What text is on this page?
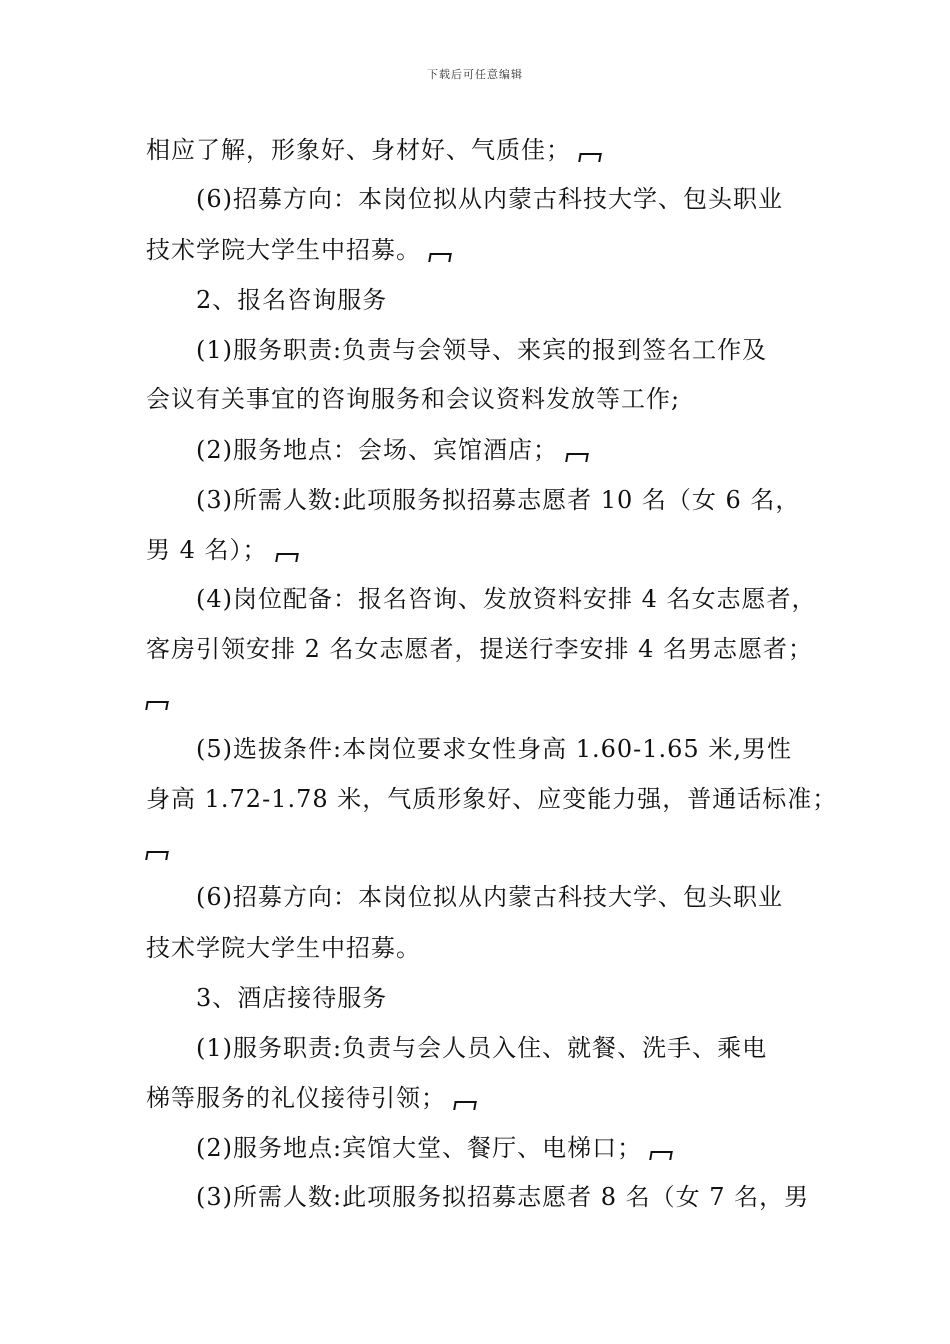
下载后可任意编辑
相应了解，形象好、身材好、气质佳；
(6)招募方向：本岗位拟从内蒙古科技大学、包头职业
技术学院大学生中招募。
2、报名咨询服务
(1)服务职责:负责与会领导、来宾的报到签名工作及
会议有关事宜的咨询服务和会议资料发放等工作;
(2)服务地点：会场、宾馆酒店；
(3)所需人数:此项服务拟招募志愿者 10 名（女 6 名，
男 4 名）；
(4)岗位配备：报名咨询、发放资料安排 4 名女志愿者，
客房引领安排 2 名女志愿者，提送行李安排 4 名男志愿者；
(5)选拔条件:本岗位要求女性身高 1.60-1.65 米,男性
身高 1.72-1.78 米，气质形象好、应变能力强，普通话标准；
(6)招募方向：本岗位拟从内蒙古科技大学、包头职业
技术学院大学生中招募。
3、酒店接待服务
(1)服务职责:负责与会人员入住、就餐、洗手、乘电
梯等服务的礼仪接待引领；
(2)服务地点:宾馆大堂、餐厅、电梯口；
(3)所需人数:此项服务拟招募志愿者 8 名（女 7 名，男
